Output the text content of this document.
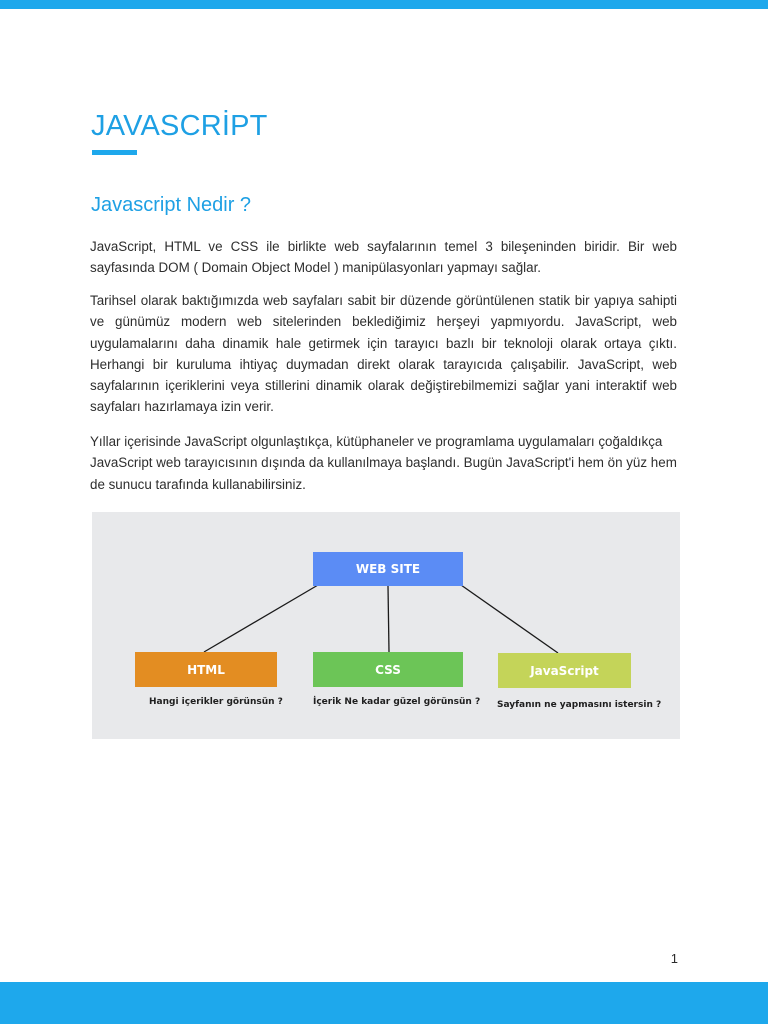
JAVASCRİPT
Javascript Nedir ?

JavaScript, HTML ve CSS ile birlikte web sayfalarının temel 3 bileşeninden biridir. Bir web sayfasında DOM ( Domain Object Model ) manipülasyonları yapmayı sağlar.

Tarihsel olarak baktığımızda web sayfaları sabit bir düzende görüntülenen statik bir yapıya sahipti ve günümüz modern web sitelerinden beklediğimiz herşeyi yapmıyordu. JavaScript, web uygulamalarını daha dinamik hale getirmek için tarayıcı bazlı bir teknoloji olarak ortaya çıktı. Herhangi bir kuruluma ihtiyaç duymadan direkt olarak tarayıcıda çalışabilir. JavaScript, web sayfalarının içeriklerini veya stillerini dinamik olarak değiştirebilmemizi sağlar yani interaktif web sayfaları hazırlamaya izin verir.

Yıllar içerisinde JavaScript olgunlaştıkça, kütüphaneler ve programlama uygulamaları çoğaldıkça JavaScript web tarayıcısının dışında da kullanılmaya başlandı. Bugün JavaScript'i hem ön yüz hem de sunucu tarafında kullanabilirsiniz.

WEB SITE
HTML	CSS	JavaScript
Hangi içerikler görünsün ?	İçerik Ne kadar güzel görünsün ? Sayfanın ne yapmasını istersin ?
1
